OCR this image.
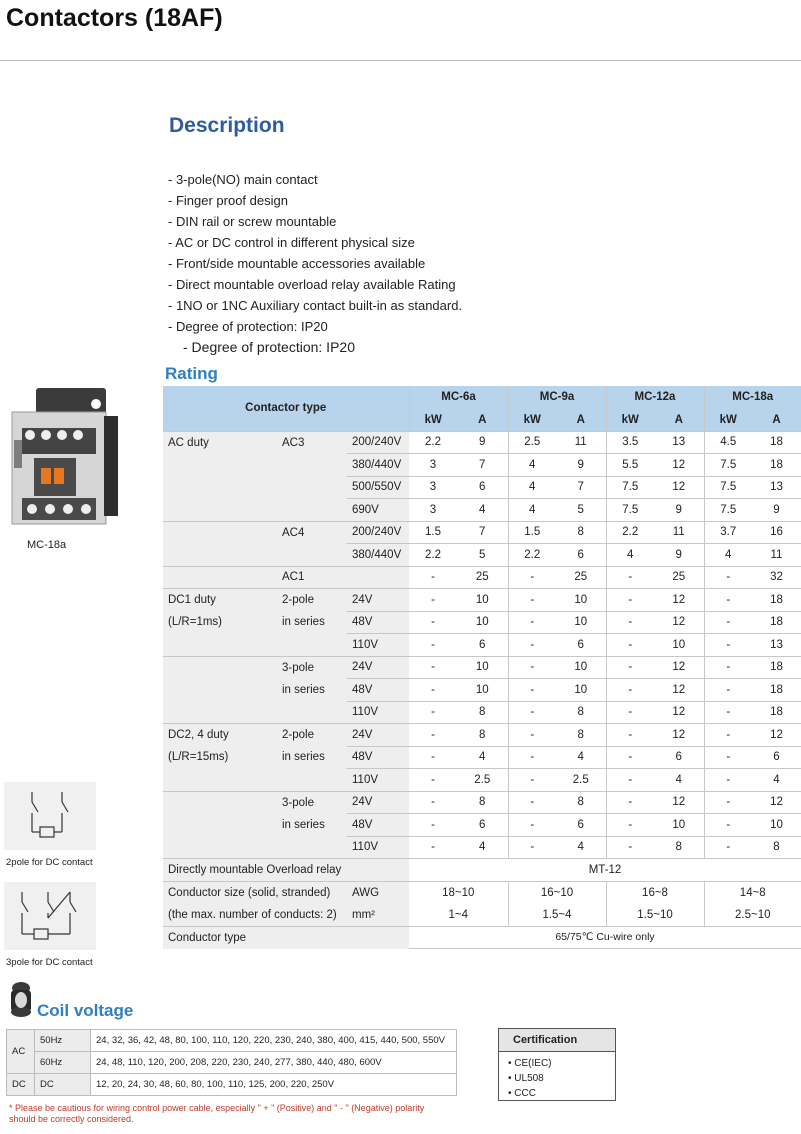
Contactors (18AF)
Description
- 3-pole(NO) main contact
- Finger proof design
- DIN rail or screw mountable
- AC or DC control in different physical size
- Front/side mountable accessories available
- Direct mountable overload relay available Rating
- 1NO or 1NC Auxiliary contact built-in as standard.
- Degree of protection: IP20
- Degree of protection: IP20
Rating
MC-18a
2pole for DC contact
3pole for DC contact
Contactor type			MC-6a		MC-9a		MC-12a		MC-18a	
			kW	A	kW	A	kW	A	kW	A
AC duty	AC3	200/240V	2.2	9	2.5	11	3.5	13	4.5	18
		380/440V	3	7	4	9	5.5	12	7.5	18
		500/550V	3	6	4	7	7.5	12	7.5	13
		690V	3	4	4	5	7.5	9	7.5	9
	AC4	200/240V	1.5	7	1.5	8	2.2	11	3.7	16
		380/440V	2.2	5	2.2	6	4	9	4	11
	AC1		-	25	-	25	-	25	-	32
DC1 duty	2-pole	24V	-	10	-	10	-	12	-	18
(L/R=1ms)	in series	48V	-	10	-	10	-	12	-	18
		110V	-	6	-	6	-	10	-	13
	3-pole	24V	-	10	-	10	-	12	-	18
	in series	48V	-	10	-	10	-	12	-	18
		110V	-	8	-	8	-	12	-	18
DC2, 4 duty	2-pole	24V	-	8	-	8	-	12	-	12
(L/R=15ms)	in series	48V	-	4	-	4	-	6	-	6
		110V	-	2.5	-	2.5	-	4	-	4
	3-pole	24V	-	8	-	8	-	12	-	12
	in series	48V	-	6	-	6	-	10	-	10
		110V	-	4	-	4	-	8	-	8
Directly mountable Overload relay			MT-12							
Conductor size (solid, stranded)		AWG	18~10		16~10		16~8		14~8	
(the max. number of conducts: 2)		mm²	1~4		1.5~4		1.5~10		2.5~10	
Conductor type			65/75℃ Cu-wire only							
Coil voltage
AC	50Hz	24, 32, 36, 42, 48, 80, 100, 110, 120, 220, 230, 240, 380, 400, 415, 440, 500, 550V
	60Hz	24, 48, 110, 120, 200, 208, 220, 230, 240, 277, 380, 440, 480, 600V
DC	DC	12, 20, 24, 30, 48, 60, 80, 100, 110, 125, 200, 220, 250V
* Please be cautious for wiring control power cable, especially " + " (Positive) and " - " (Negative) polarity should be correctly considered.
Certification
• CE(IEC)
• UL508
• CCC
